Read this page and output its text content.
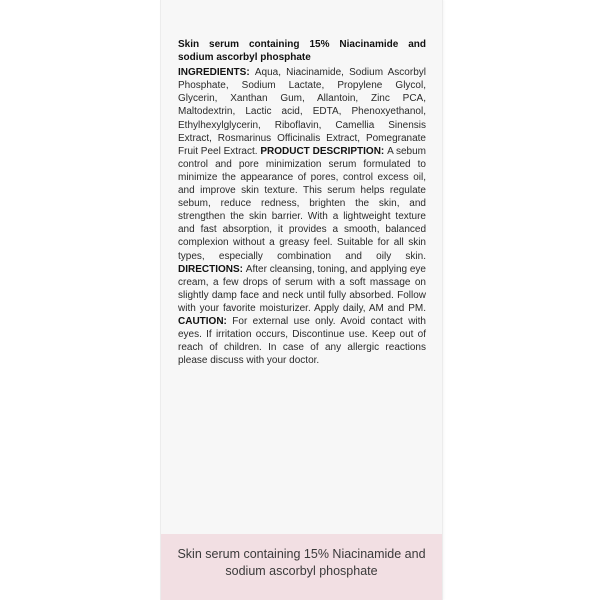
Skin serum containing 15% Niacinamide and sodium ascorbyl phosphate
INGREDIENTS: Aqua, Niacinamide, Sodium Ascorbyl Phosphate, Sodium Lactate, Propylene Glycol, Glycerin, Xanthan Gum, Allantoin, Zinc PCA, Maltodextrin, Lactic acid, EDTA, Phenoxyethanol, Ethylhexylglycerin, Riboflavin, Camellia Sinensis Extract, Rosmarinus Officinalis Extract, Pomegranate Fruit Peel Extract. PRODUCT DESCRIPTION: A sebum control and pore minimization serum formulated to minimize the appearance of pores, control excess oil, and improve skin texture. This serum helps regulate sebum, reduce redness, brighten the skin, and strengthen the skin barrier. With a lightweight texture and fast absorption, it provides a smooth, balanced complexion without a greasy feel. Suitable for all skin types, especially combination and oily skin. DIRECTIONS: After cleansing, toning, and applying eye cream, a few drops of serum with a soft massage on slightly damp face and neck until fully absorbed. Follow with your favorite moisturizer. Apply daily, AM and PM. CAUTION: For external use only. Avoid contact with eyes. If irritation occurs, Discontinue use. Keep out of reach of children. In case of any allergic reactions please discuss with your doctor.
Skin serum containing 15% Niacinamide and sodium ascorbyl phosphate
